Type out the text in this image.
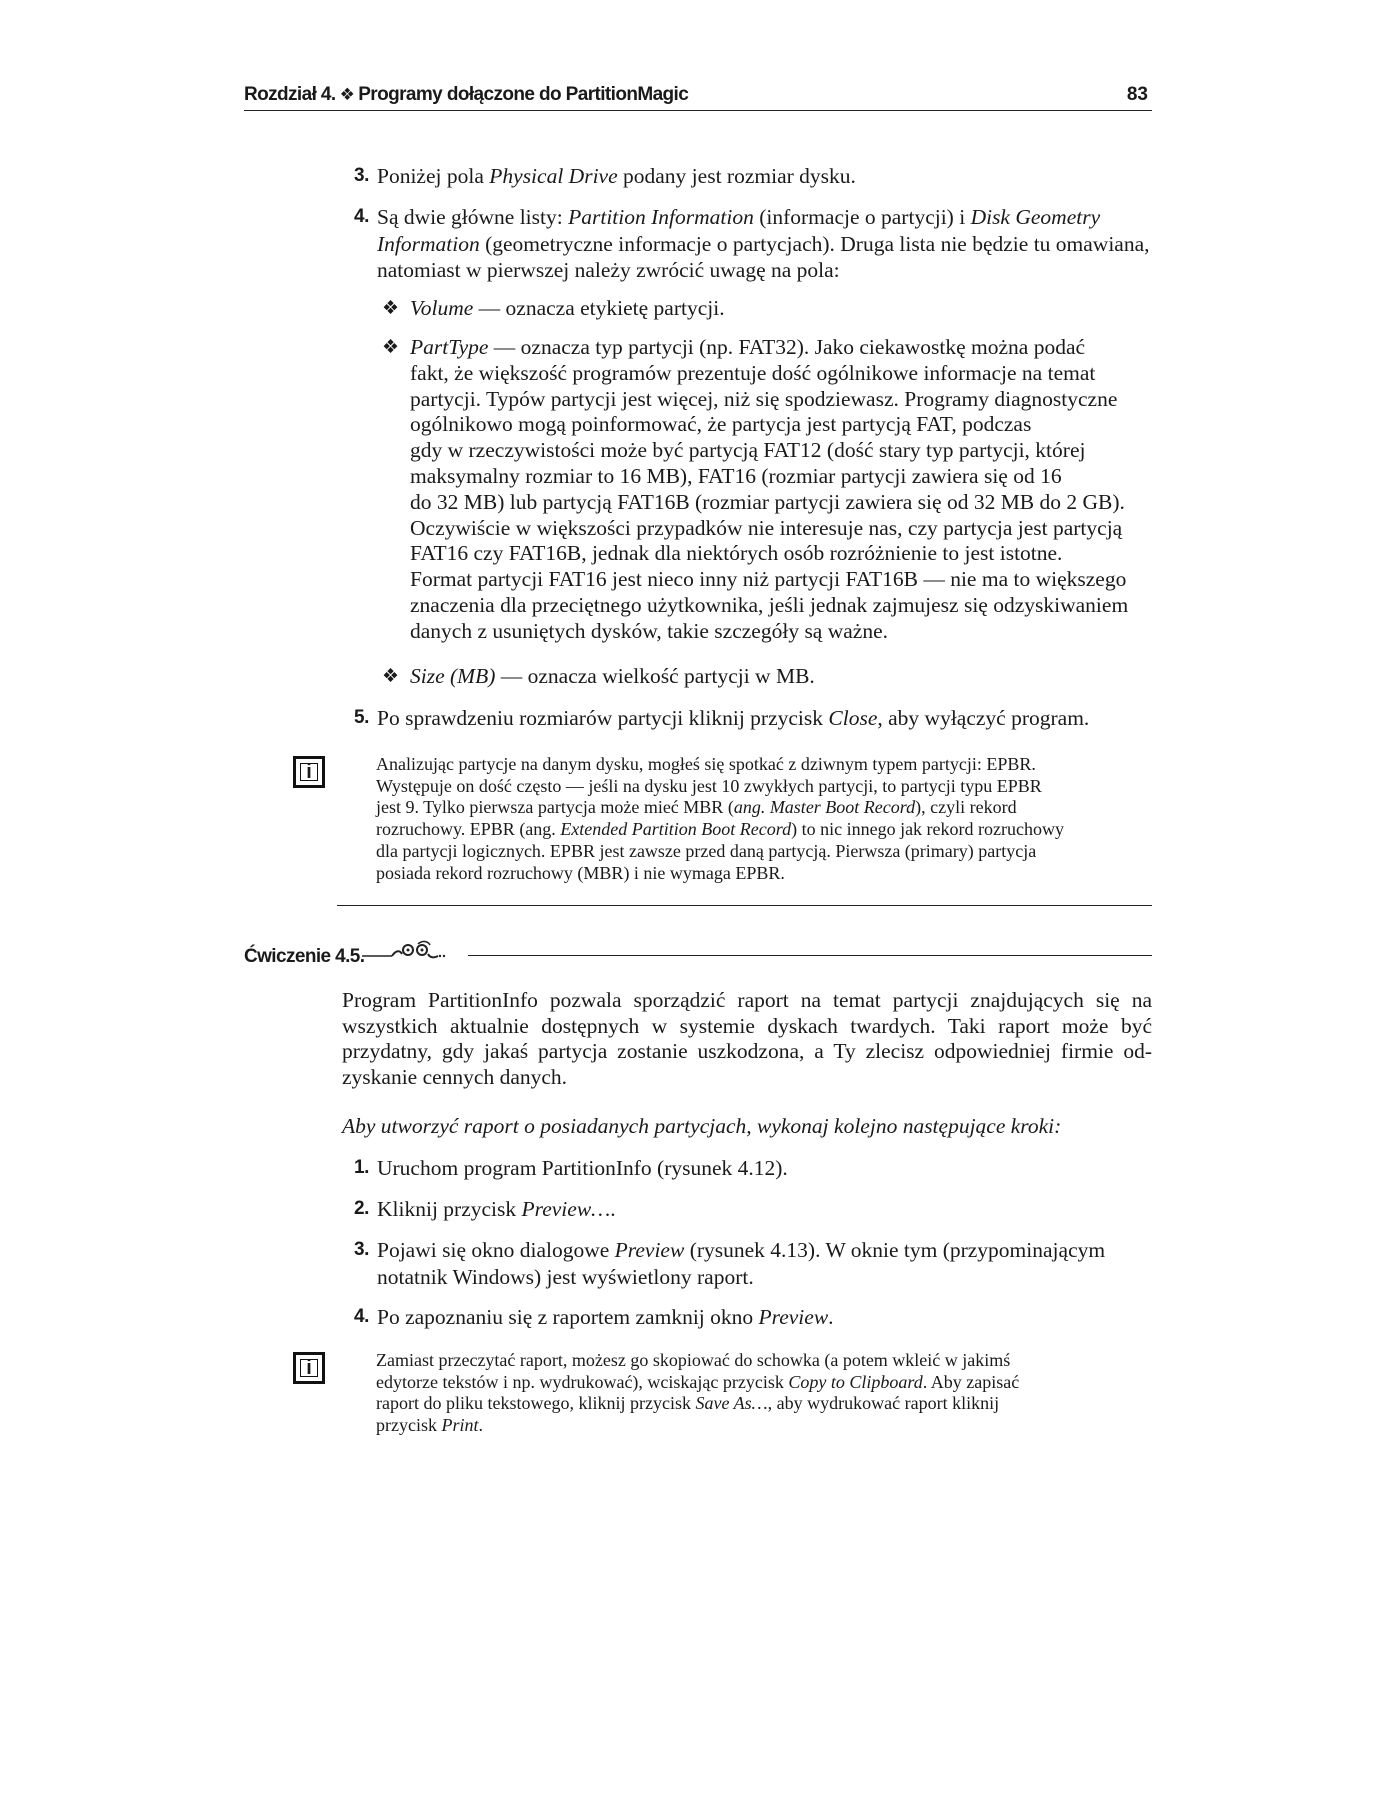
Rozdział 4. ❖ Programy dołączone do PartitionMagic	83
3. Poniżej pola Physical Drive podany jest rozmiar dysku.
4. Są dwie główne listy: Partition Information (informacje o partycji) i Disk Geometry
Information (geometryczne informacje o partycjach). Druga lista nie będzie tu omawiana,
natomiast w pierwszej należy zwrócić uwagę na pola:
❖ Volume — oznacza etykietę partycji.
❖ PartType — oznacza typ partycji (np. FAT32). Jako ciekawostkę można podać
fakt, że większość programów prezentuje dość ogólnikowe informacje na temat
partycji. Typów partycji jest więcej, niż się spodziewasz. Programy diagnostyczne
ogólnikowo mogą poinformować, że partycja jest partycją FAT, podczas
gdy w rzeczywistości może być partycją FAT12 (dość stary typ partycji, której
maksymalny rozmiar to 16 MB), FAT16 (rozmiar partycji zawiera się od 16
do 32 MB) lub partycją FAT16B (rozmiar partycji zawiera się od 32 MB do 2 GB).
Oczywiście w większości przypadków nie interesuje nas, czy partycja jest partycją
FAT16 czy FAT16B, jednak dla niektórych osób rozróżnienie to jest istotne.
Format partycji FAT16 jest nieco inny niż partycji FAT16B — nie ma to większego
znaczenia dla przeciętnego użytkownika, jeśli jednak zajmujesz się odzyskiwaniem
danych z usuniętych dysków, takie szczegóły są ważne.
❖ Size (MB) — oznacza wielkość partycji w MB.
5. Po sprawdzeniu rozmiarów partycji kliknij przycisk Close, aby wyłączyć program.
i	Analizując partycje na danym dysku, mogłeś się spotkać z dziwnym typem partycji: EPBR.
Występuje on dość często — jeśli na dysku jest 10 zwykłych partycji, to partycji typu EPBR
jest 9. Tylko pierwsza partycja może mieć MBR (ang. Master Boot Record), czyli rekord
rozruchowy. EPBR (ang. Extended Partition Boot Record) to nic innego jak rekord rozruchowy
dla partycji logicznych. EPBR jest zawsze przed daną partycją. Pierwsza (primary) partycja
posiada rekord rozruchowy (MBR) i nie wymaga EPBR.
Ćwiczenie 4.5.
Program PartitionInfo pozwala sporządzić raport na temat partycji znajdujących się na
wszystkich aktualnie dostępnych w systemie dyskach twardych. Taki raport może być
przydatny, gdy jakaś partycja zostanie uszkodzona, a Ty zlecisz odpowiedniej firmie od-
zyskanie cennych danych.
Aby utworzyć raport o posiadanych partycjach, wykonaj kolejno następujące kroki:
1. Uruchom program PartitionInfo (rysunek 4.12).
2. Kliknij przycisk Preview….
3. Pojawi się okno dialogowe Preview (rysunek 4.13). W oknie tym (przypominającym
notatnik Windows) jest wyświetlony raport.
4. Po zapoznaniu się z raportem zamknij okno Preview.
i	Zamiast przeczytać raport, możesz go skopiować do schowka (a potem wkleić w jakimś
edytorze tekstów i np. wydrukować), wciskając przycisk Copy to Clipboard. Aby zapisać
raport do pliku tekstowego, kliknij przycisk Save As…, aby wydrukować raport kliknij
przycisk Print.
